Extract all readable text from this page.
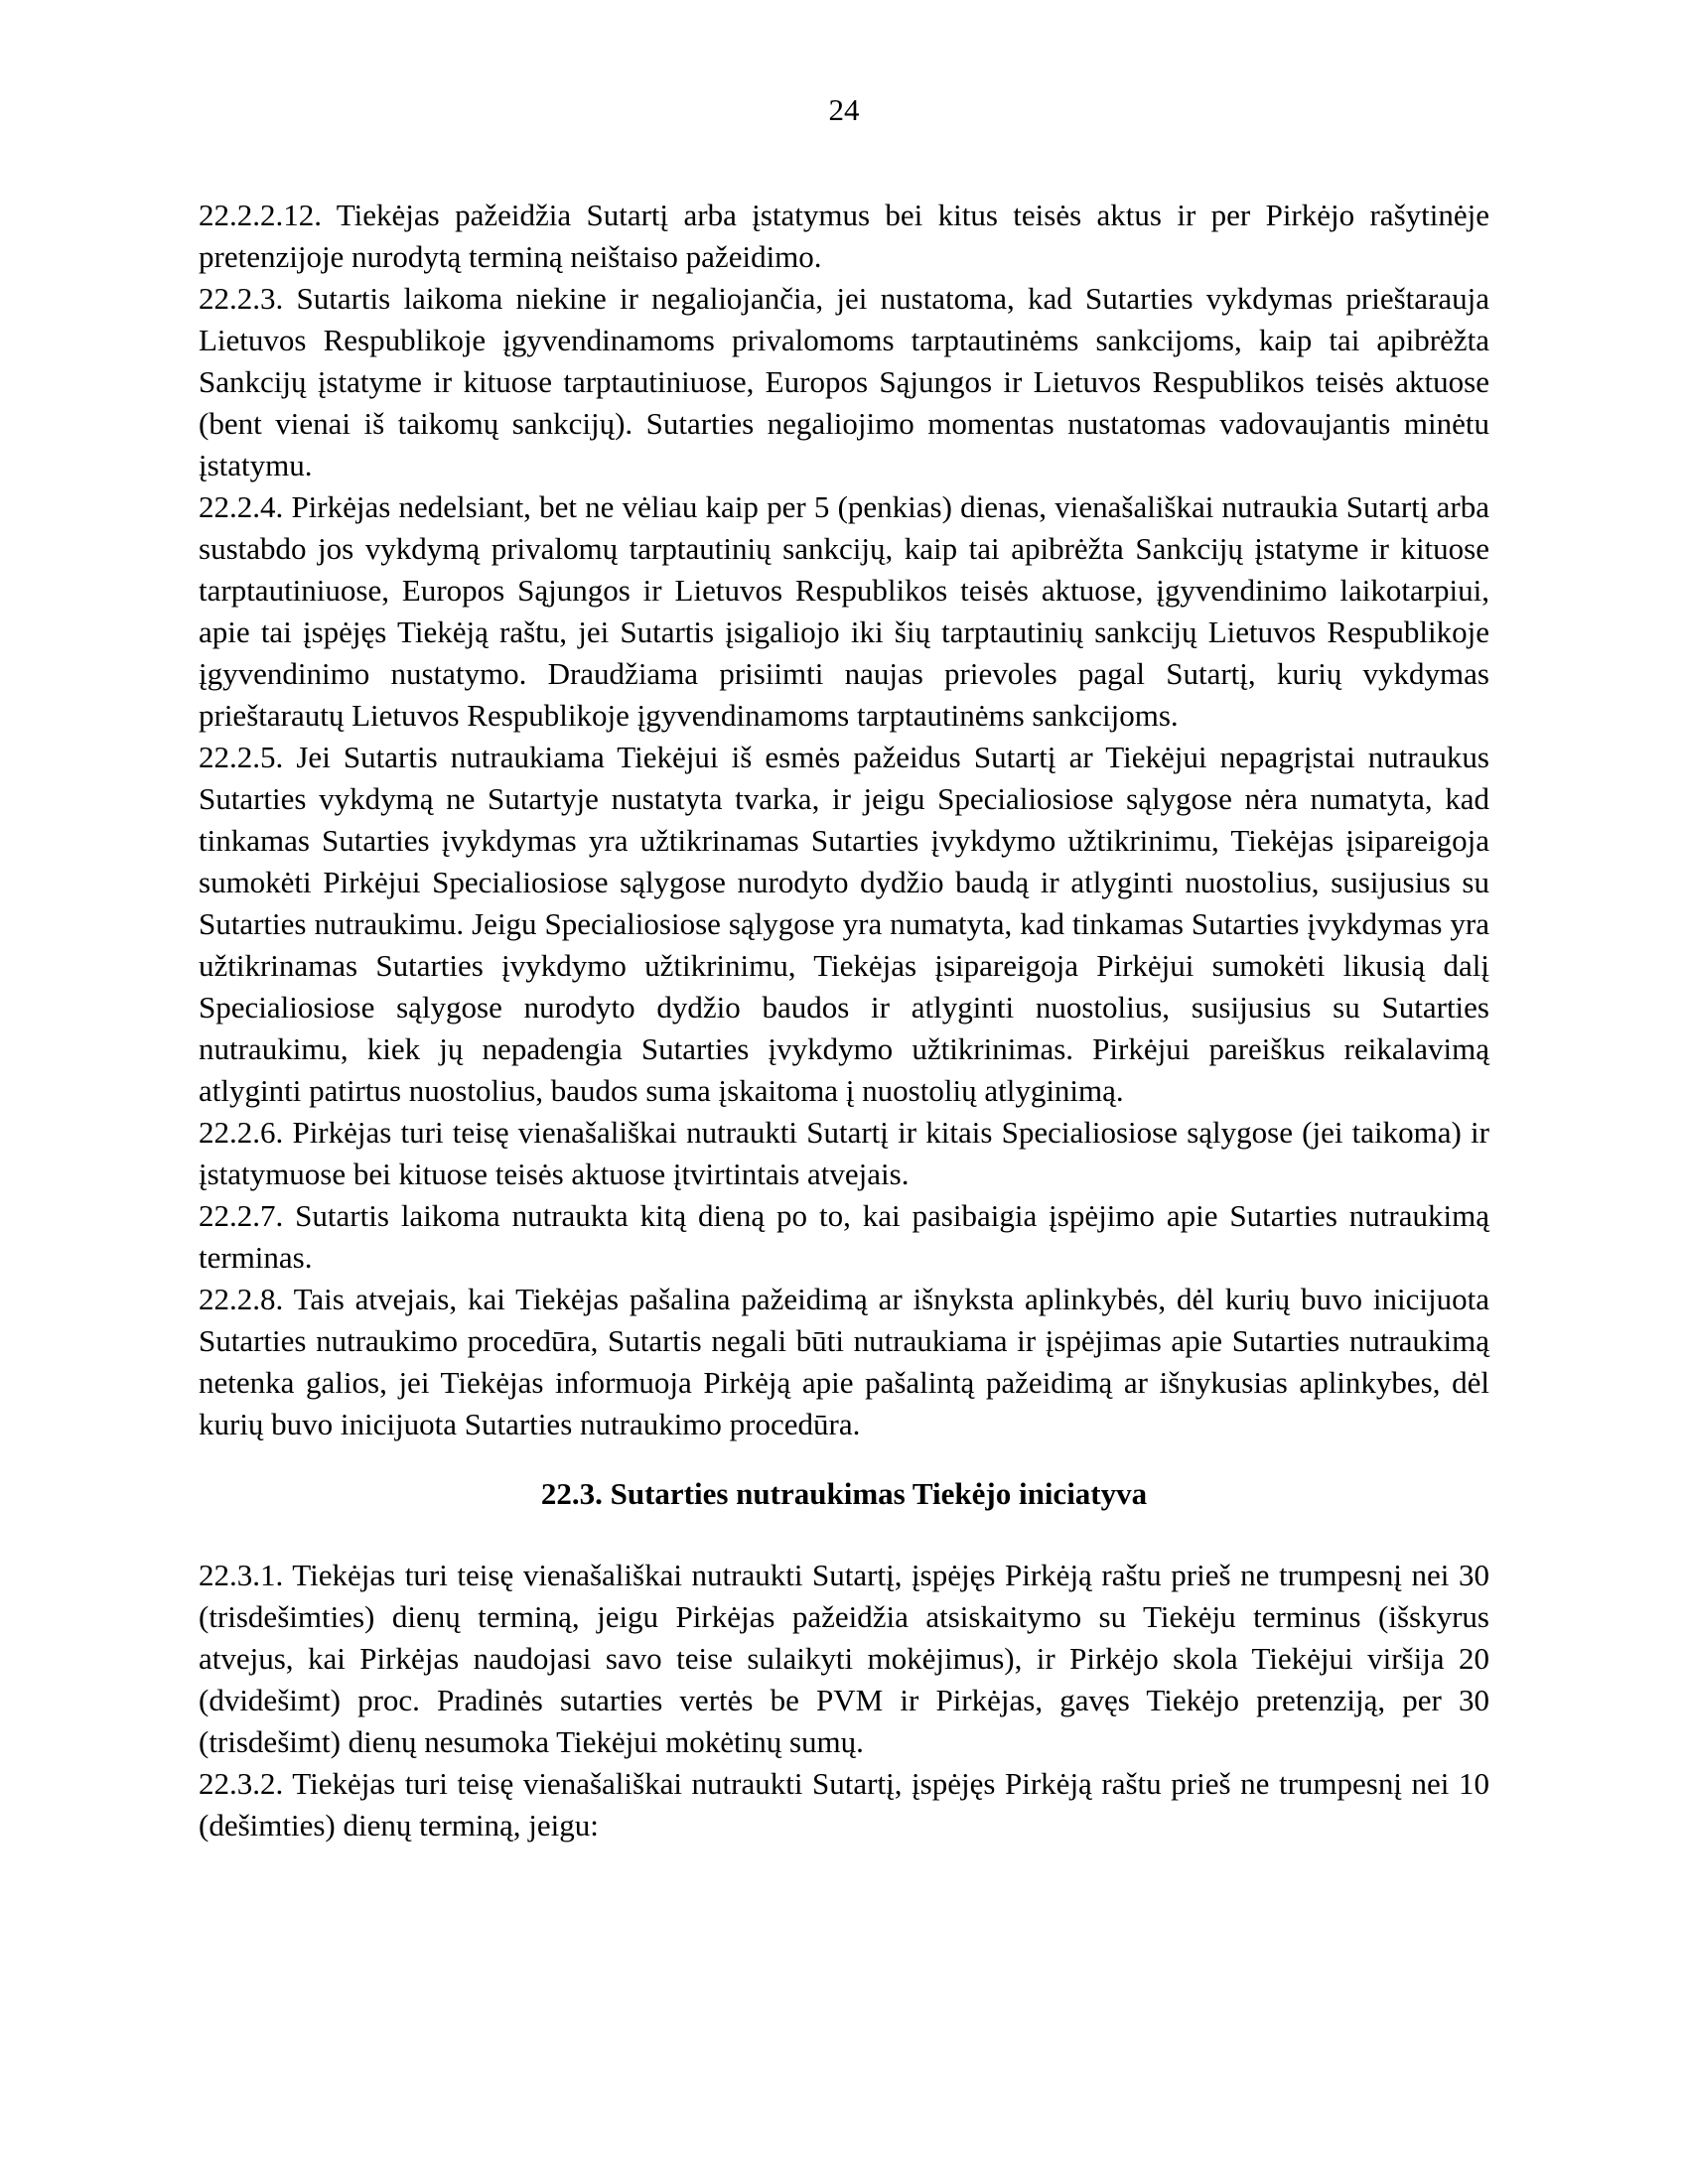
24

22.2.2.12. Tiekėjas pažeidžia Sutartį arba įstatymus bei kitus teisės aktus ir per Pirkėjo rašytinėje pretenzijoje nurodytą terminą neištaiso pažeidimo.

22.2.3. Sutartis laikoma niekine ir negaliojančia, jei nustatoma, kad Sutarties vykdymas prieštarauja Lietuvos Respublikoje įgyvendinamoms privalomoms tarptautinėms sankcijoms, kaip tai apibrėžta Sankcijų įstatyme ir kituose tarptautiniuose, Europos Sąjungos ir Lietuvos Respublikos teisės aktuose (bent vienai iš taikomų sankcijų). Sutarties negaliojimo momentas nustatomas vadovaujantis minėtu įstatymu.

22.2.4. Pirkėjas nedelsiant, bet ne vėliau kaip per 5 (penkias) dienas, vienašališkai nutraukia Sutartį arba sustabdo jos vykdymą privalomų tarptautinių sankcijų, kaip tai apibrėžta Sankcijų įstatyme ir kituose tarptautiniuose, Europos Sąjungos ir Lietuvos Respublikos teisės aktuose, įgyvendinimo laikotarpiui, apie tai įspėjęs Tiekėją raštu, jei Sutartis įsigaliojo iki šių tarptautinių sankcijų Lietuvos Respublikoje įgyvendinimo nustatymo. Draudžiama prisiimti naujas prievoles pagal Sutartį, kurių vykdymas prieštarautų Lietuvos Respublikoje įgyvendinamoms tarptautinėms sankcijoms.

22.2.5. Jei Sutartis nutraukiama Tiekėjui iš esmės pažeidus Sutartį ar Tiekėjui nepagrįstai nutraukus Sutarties vykdymą ne Sutartyje nustatyta tvarka, ir jeigu Specialiosiose sąlygose nėra numatyta, kad tinkamas Sutarties įvykdymas yra užtikrinamas Sutarties įvykdymo užtikrinimu, Tiekėjas įsipareigoja sumokėti Pirkėjui Specialiosiose sąlygose nurodyto dydžio baudą ir atlyginti nuostolius, susijusius su Sutarties nutraukimu. Jeigu Specialiosiose sąlygose yra numatyta, kad tinkamas Sutarties įvykdymas yra užtikrinamas Sutarties įvykdymo užtikrinimu, Tiekėjas įsipareigoja Pirkėjui sumokėti likusią dalį Specialiosiose sąlygose nurodyto dydžio baudos ir atlyginti nuostolius, susijusius su Sutarties nutraukimu, kiek jų nepadengia Sutarties įvykdymo užtikrinimas. Pirkėjui pareiškus reikalavimą atlyginti patirtus nuostolius, baudos suma įskaitoma į nuostolių atlyginimą.

22.2.6. Pirkėjas turi teisę vienašališkai nutraukti Sutartį ir kitais Specialiosiose sąlygose (jei taikoma) ir įstatymuose bei kituose teisės aktuose įtvirtintais atvejais.

22.2.7. Sutartis laikoma nutraukta kitą dieną po to, kai pasibaigia įspėjimo apie Sutarties nutraukimą terminas.

22.2.8. Tais atvejais, kai Tiekėjas pašalina pažeidimą ar išnyksta aplinkybės, dėl kurių buvo inicijuota Sutarties nutraukimo procedūra, Sutartis negali būti nutraukiama ir įspėjimas apie Sutarties nutraukimą netenka galios, jei Tiekėjas informuoja Pirkėją apie pašalintą pažeidimą ar išnykusias aplinkybes, dėl kurių buvo inicijuota Sutarties nutraukimo procedūra.

22.3. Sutarties nutraukimas Tiekėjo iniciatyva

22.3.1. Tiekėjas turi teisę vienašališkai nutraukti Sutartį, įspėjęs Pirkėją raštu prieš ne trumpesnį nei 30 (trisdešimties) dienų terminą, jeigu Pirkėjas pažeidžia atsiskaitymo su Tiekėju terminus (išskyrus atvejus, kai Pirkėjas naudojasi savo teise sulaikyti mokėjimus), ir Pirkėjo skola Tiekėjui viršija 20 (dvidešimt) proc. Pradinės sutarties vertės be PVM ir Pirkėjas, gavęs Tiekėjo pretenziją, per 30 (trisdešimt) dienų nesumoka Tiekėjui mokėtinų sumų.

22.3.2. Tiekėjas turi teisę vienašališkai nutraukti Sutartį, įspėjęs Pirkėją raštu prieš ne trumpesnį nei 10 (dešimties) dienų terminą, jeigu:
